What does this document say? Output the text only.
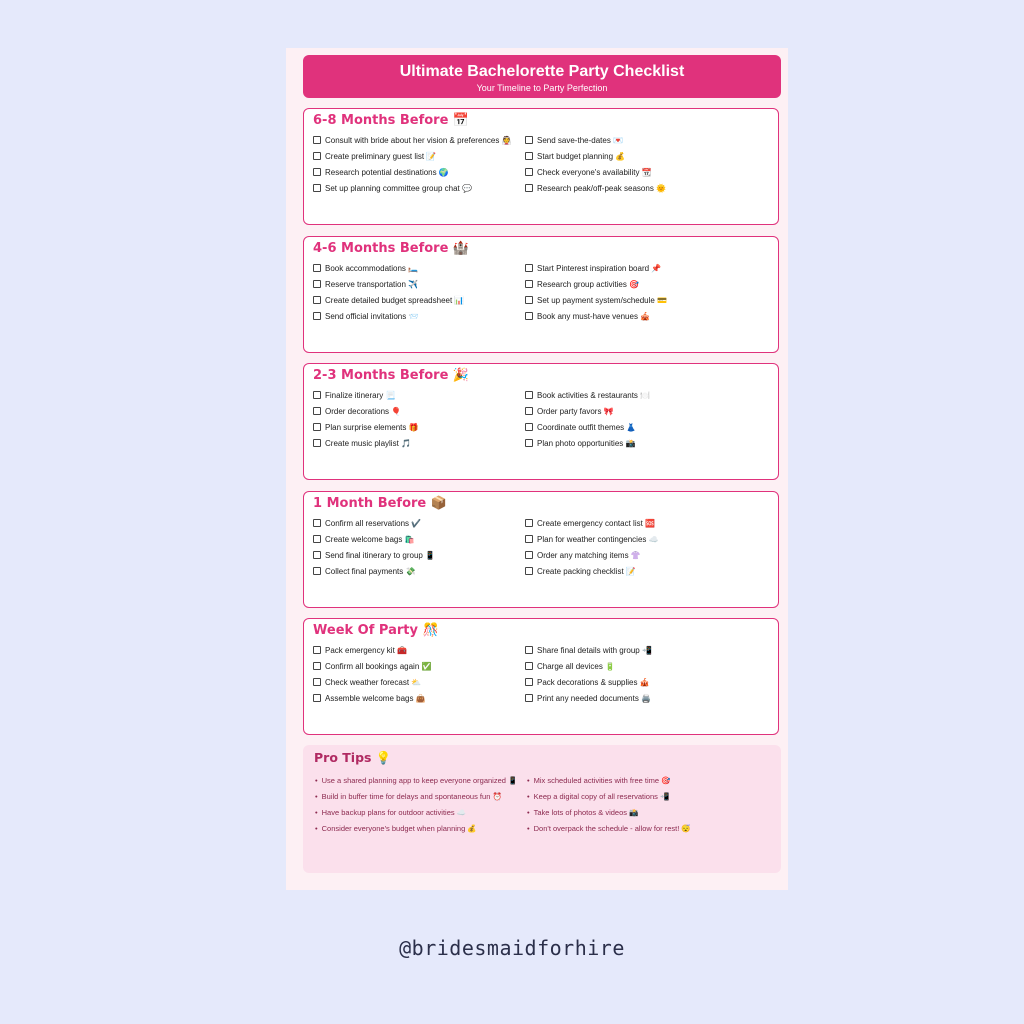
Ultimate Bachelorette Party Checklist
Your Timeline to Party Perfection
6-8 Months Before 📅
Consult with bride about her vision & preferences 👰
Create preliminary guest list 📝
Research potential destinations 🌍
Set up planning committee group chat 💬
Send save-the-dates 💌
Start budget planning 💰
Check everyone's availability 📆
Research peak/off-peak seasons 🌞
4-6 Months Before 🏰
Book accommodations 🛏️
Reserve transportation ✈️
Create detailed budget spreadsheet 📊
Send official invitations 📨
Start Pinterest inspiration board 📌
Research group activities 🎯
Set up payment system/schedule 💳
Book any must-have venues 🎪
2-3 Months Before 🎉
Finalize itinerary 📃
Order decorations 🎈
Plan surprise elements 🎁
Create music playlist 🎵
Book activities & restaurants 🍽️
Order party favors 🎀
Coordinate outfit themes 👗
Plan photo opportunities 📸
1 Month Before 📦
Confirm all reservations ✔️
Create welcome bags 🛍️
Send final itinerary to group 📱
Collect final payments 💸
Create emergency contact list 🆘
Plan for weather contingencies ☁️
Order any matching items 👚
Create packing checklist 📝
Week Of Party 🎊
Pack emergency kit 🧰
Confirm all bookings again ✅
Check weather forecast ⛅
Assemble welcome bags 👜
Share final details with group 📲
Charge all devices 🔋
Pack decorations & supplies 🎪
Print any needed documents 🖨️
Pro Tips 💡
• Use a shared planning app to keep everyone organized 📱
• Build in buffer time for delays and spontaneous fun ⏰
• Have backup plans for outdoor activities ☁️
• Consider everyone's budget when planning 💰
• Mix scheduled activities with free time 🎯
• Keep a digital copy of all reservations 📲
• Take lots of photos & videos 📸
• Don't overpack the schedule - allow for rest! 😴
@bridesmaidforhire
